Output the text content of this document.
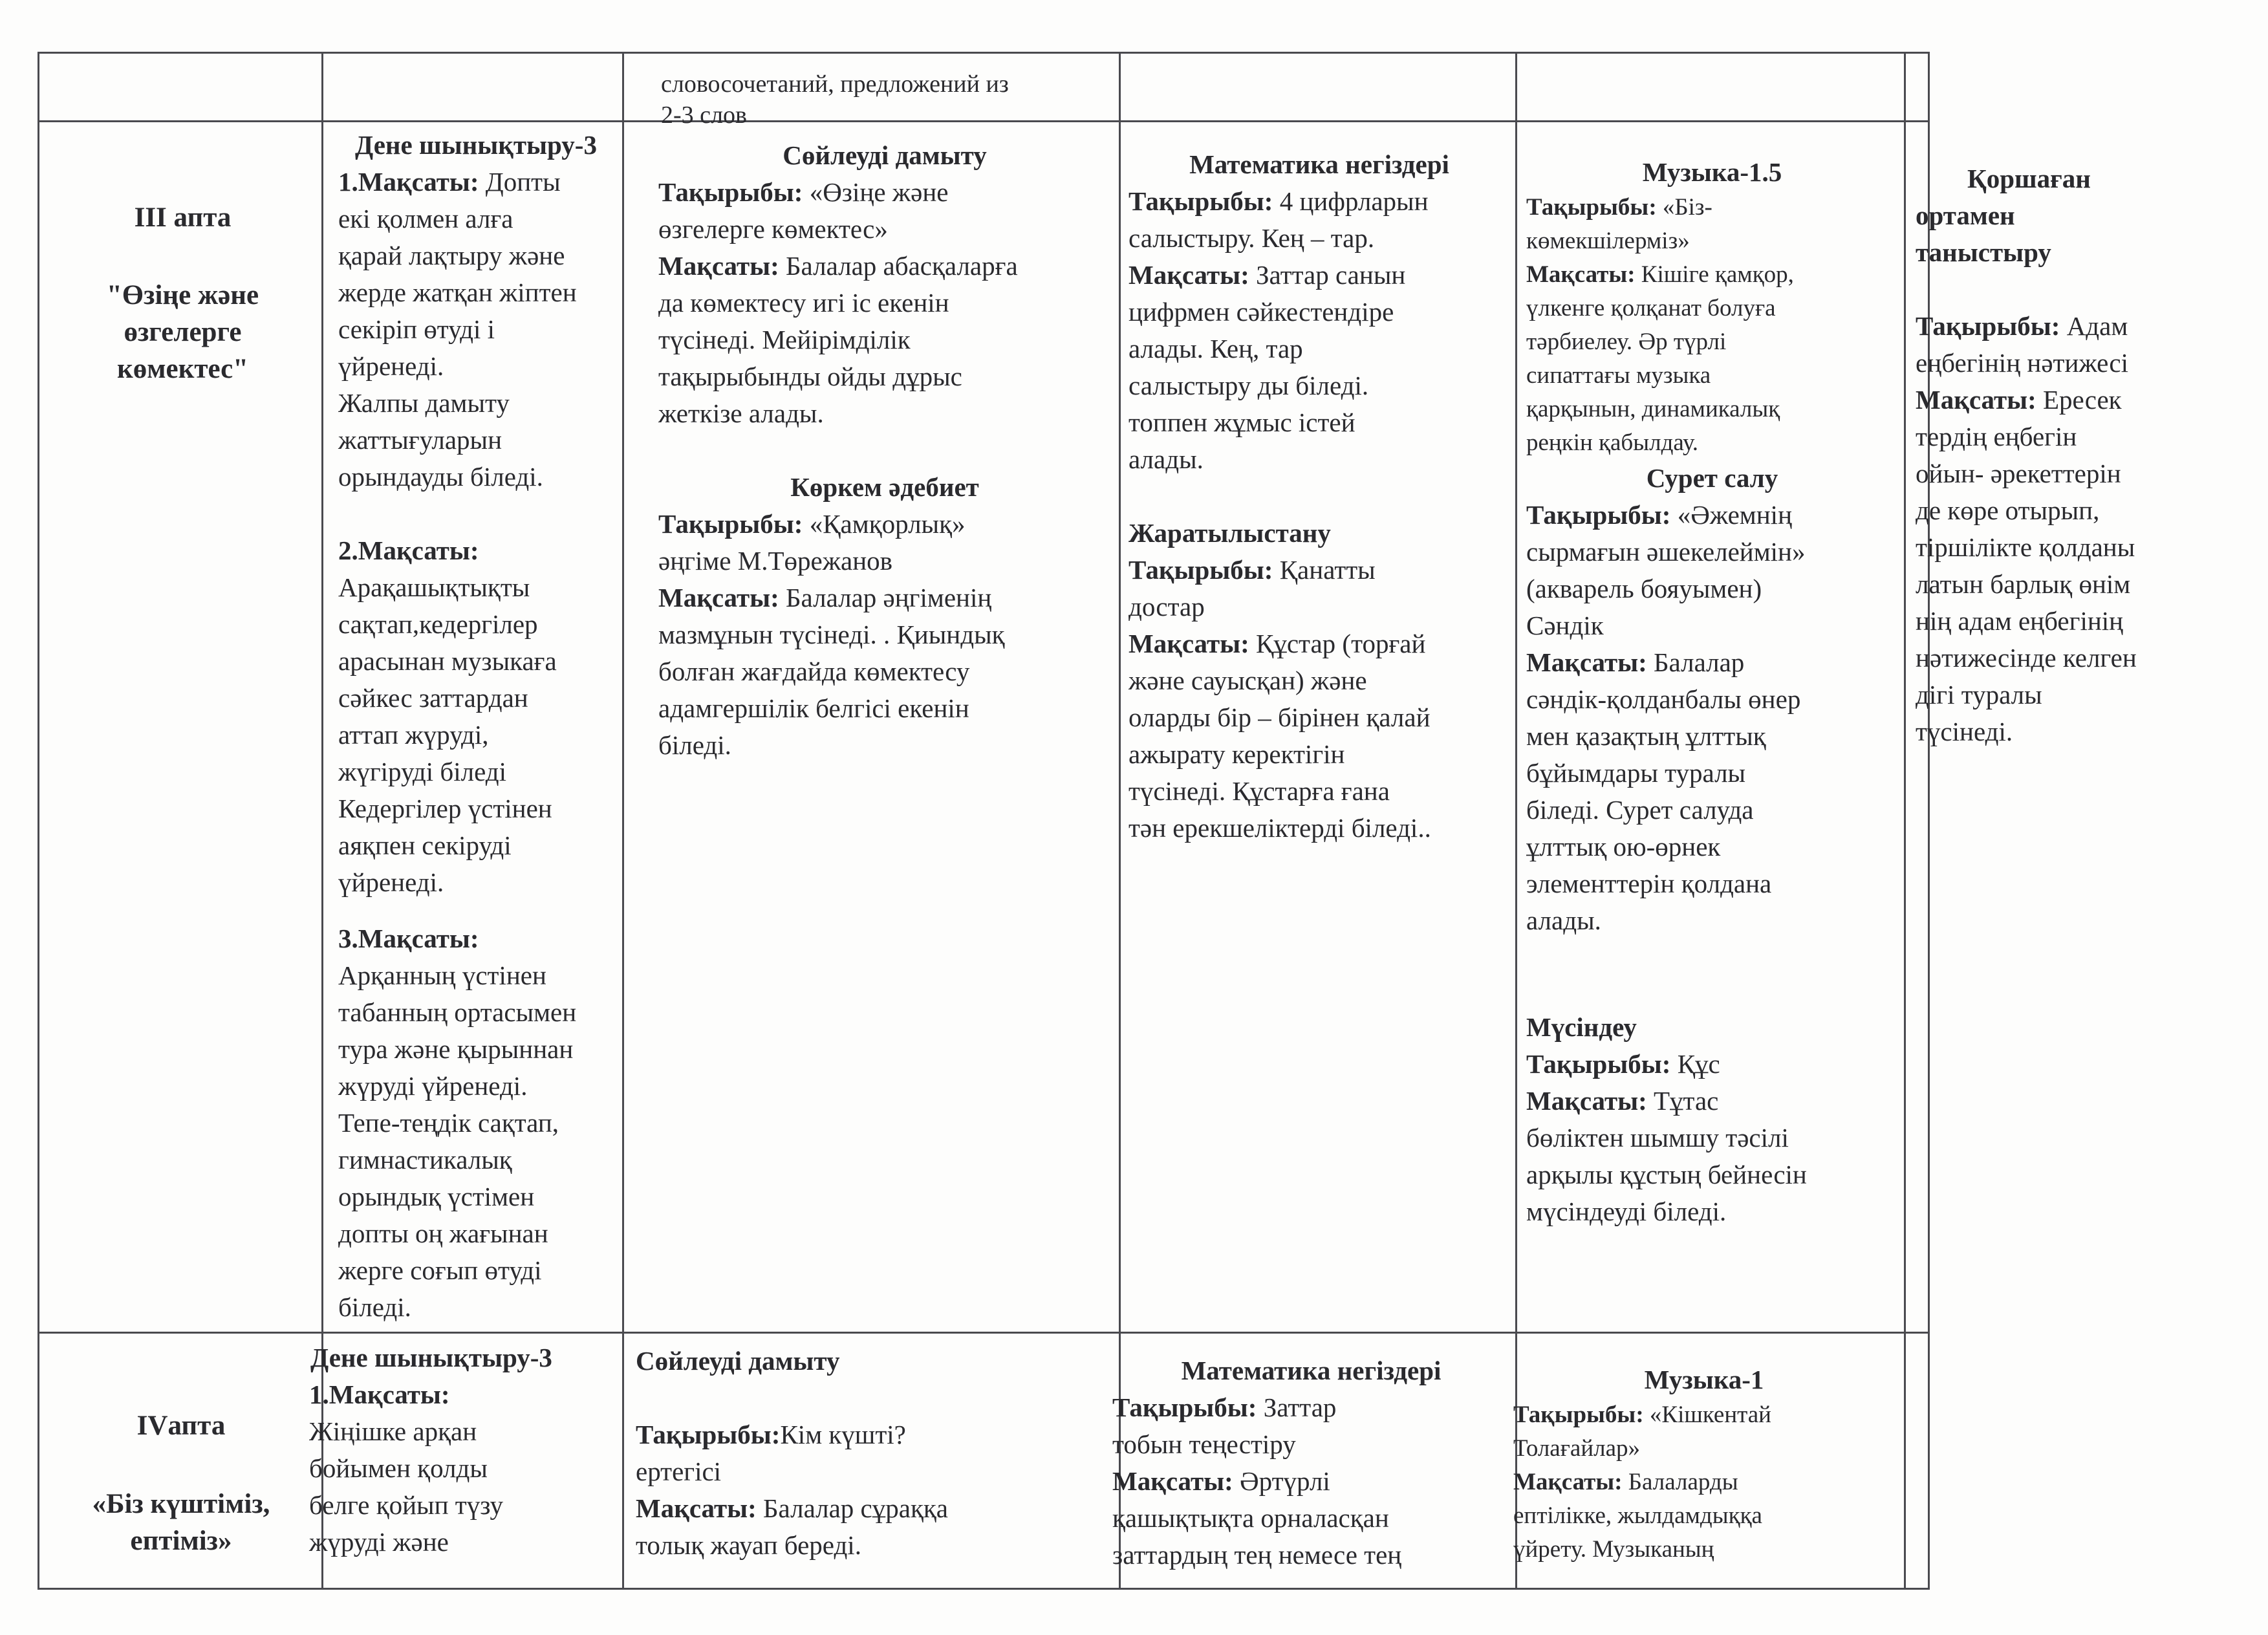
словосочетаний, предложений из

2-3 слов

III апта

"Өзіңе және

өзгелерге

көмектес"

Дене шынықтыру-3

1.Мақсаты: Допты

екі қолмен алға

қарай лақтыру және

жерде жатқан жіптен

секіріп өтуді і

үйренеді.

Жалпы дамыту

жаттығуларын

орындауды біледі.

2.Мақсаты:

Арақашықтықты

сақтап,кедергілер

арасынан музыкаға

сәйкес заттардан

аттап жүруді,

жүгіруді біледі

Кедергілер үстінен

аяқпен секіруді

үйренеді.

3.Мақсаты:

Арқанның үстінен

табанның ортасымен

тура және қырыннан

жүруді үйренеді.

Тепе-теңдік сақтап,

гимнастикалық

орындық үстімен

допты оң жағынан

жерге соғып өтуді

біледі.

Сөйлеуді дамыту

Тақырыбы: «Өзіңе және

өзгелерге көмектес»

Мақсаты: Балалар абасқаларға

да көмектесу игі іс екенін

түсінеді. Мейірімділік

тақырыбынды ойды дұрыс

жеткізе алады.

Көркем әдебиет

Тақырыбы: «Қамқорлық»

әңгіме М.Төрежанов

Мақсаты: Балалар әңгіменің

мазмұнын түсінеді. . Қиындық

болған жағдайда көмектесу

адамгершілік белгісі екенін

біледі.

Математика негіздері

Тақырыбы: 4 цифрларын

салыстыру. Кең – тар.

Мақсаты: Заттар санын

цифрмен сәйкестендіре

алады. Кең, тар

салыстыру ды біледі.

топпен жұмыс істей

алады.

Жаратылыстану

Тақырыбы: Қанатты

достар

Мақсаты: Құстар (торғай

және сауысқан) және

оларды бір – бірінен қалай

ажырату керектігін

түсінеді. Құстарға ғана

тән ерекшеліктерді біледі..

Музыка-1.5

Тақырыбы: «Біз-

көмекшілерміз»

Мақсаты: Кішіге қамқор,

үлкенге қолқанат болуға

тәрбиелеу. Әр түрлі

сипаттағы музыка

қарқынын, динамикалық

реңкін қабылдау.

Сурет салу

Тақырыбы: «Әжемнің

сырмағын әшекелеймін»

(акварель бояуымен)

Сәндік

Мақсаты: Балалар

сәндік-қолданбалы өнер

мен қазақтың ұлттық

бұйымдары туралы

біледі. Сурет салуда

ұлттық ою-өрнек

элементтерін қолдана

алады.

Мүсіндеу

Тақырыбы: Құс

Мақсаты: Тұтас

бөліктен шымшу тәсілі

арқылы құстың бейнесін

мүсіндеуді біледі.

Қоршаған

ортамен

таныстыру

Тақырыбы: Адам

еңбегінің нәтижесі

Мақсаты: Ересек

тердің еңбегін

ойын- әрекеттерін

де көре отырып,

тіршілікте қолданы

латын барлық өнім

нің адам еңбегінің

нәтижесінде келген

дігі туралы

түсінеді.

IVапта

«Біз күштіміз,

ептіміз»

Дене шынықтыру-3

1.Мақсаты:

Жіңішке арқан

бойымен қолды

белге қойып түзу

жүруді және

Сөйлеуді дамыту

Тақырыбы:Кім күшті?

ертегісі

Мақсаты: Балалар сұраққа

толық жауап береді.

Математика негіздері

Тақырыбы: Заттар

тобын теңестіру

Мақсаты: Әртүрлі

қашықтықта орналасқан

заттардың тең немесе тең

Музыка-1

Тақырыбы: «Кішкентай

Толағайлар»

Мақсаты: Балаларды

ептілікке, жылдамдыққа

үйрету. Музыканың
